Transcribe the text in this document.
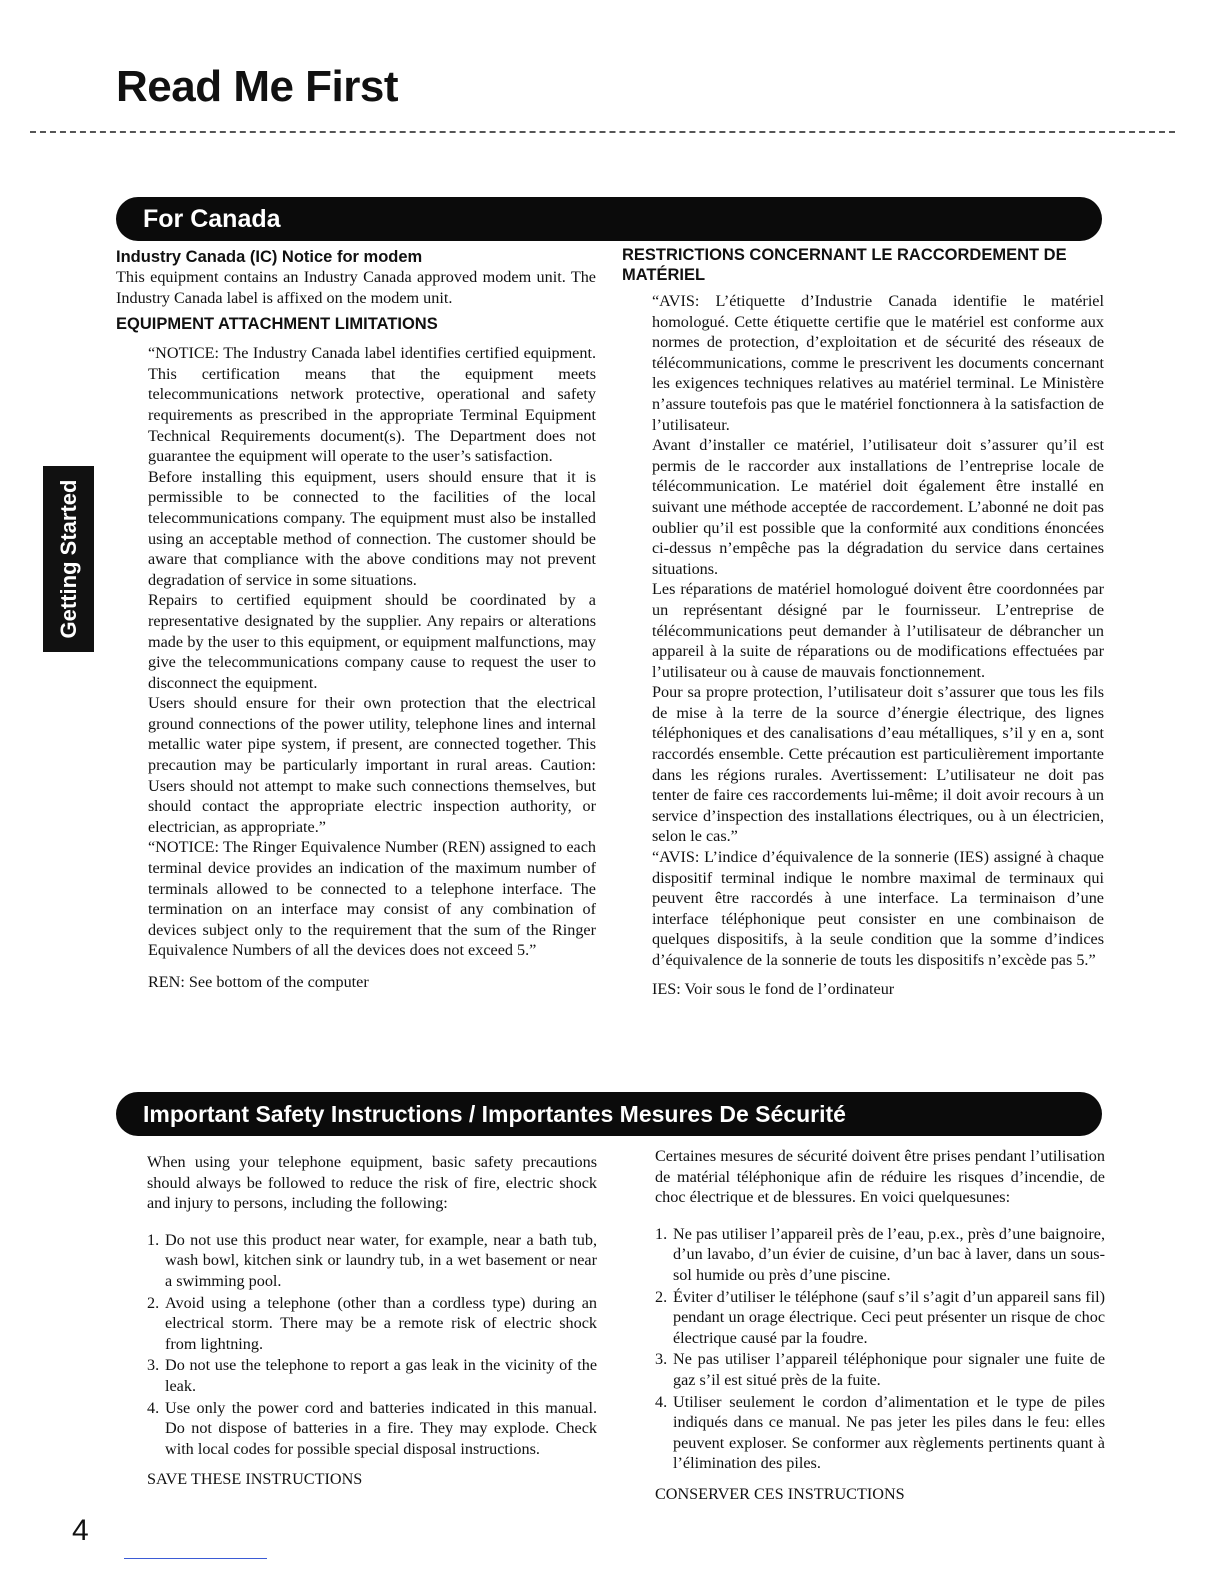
Read Me First
Getting Started
For Canada
Industry Canada (IC) Notice for modem

This equipment contains an Industry Canada approved modem unit. The Industry Canada label is affixed on the modem unit.

EQUIPMENT ATTACHMENT LIMITATIONS

“NOTICE: The Industry Canada label identifies certified equipment. This certification means that the equipment meets telecommunications network protective, operational and safety requirements as prescribed in the appropriate Terminal Equipment Technical Requirements document(s). The Department does not guarantee the equipment will operate to the user’s satisfaction.

Before installing this equipment, users should ensure that it is permissible to be connected to the facilities of the local telecommunications company. The equipment must also be installed using an acceptable method of connection. The customer should be aware that compliance with the above conditions may not prevent degradation of service in some situations.

Repairs to certified equipment should be coordinated by a representative designated by the supplier. Any repairs or alterations made by the user to this equipment, or equipment malfunctions, may give the telecommunications company cause to request the user to disconnect the equipment.

Users should ensure for their own protection that the electrical ground connections of the power utility, telephone lines and internal metallic water pipe system, if present, are connected together. This precaution may be particularly important in rural areas. Caution: Users should not attempt to make such connections themselves, but should contact the appropriate electric inspection authority, or electrician, as appropriate.”

“NOTICE: The Ringer Equivalence Number (REN) assigned to each terminal device provides an indication of the maximum number of terminals allowed to be connected to a telephone interface. The termination on an interface may consist of any combination of devices subject only to the requirement that the sum of the Ringer Equivalence Numbers of all the devices does not exceed 5.”

REN: See bottom of the computer

RESTRICTIONS CONCERNANT LE RACCORDEMENT DE MATÉRIEL

“AVIS: L’étiquette d’Industrie Canada identifie le matériel homologué. Cette étiquette certifie que le matériel est conforme aux normes de protection, d’exploitation et de sécurité des réseaux de télécommunications, comme le prescrivent les documents concernant les exigences techniques relatives au matériel terminal. Le Ministère n’assure toutefois pas que le matériel fonctionnera à la satisfaction de l’utilisateur.

Avant d’installer ce matériel, l’utilisateur doit s’assurer qu’il est permis de le raccorder aux installations de l’entreprise locale de télécommunication. Le matériel doit également être installé en suivant une méthode acceptée de raccordement. L’abonné ne doit pas oublier qu’il est possible que la conformité aux conditions énoncées ci-dessus n’empêche pas la dégradation du service dans certaines situations.

Les réparations de matériel homologué doivent être coordonnées par un représentant désigné par le fournisseur. L’entreprise de télécommunications peut demander à l’utilisateur de débrancher un appareil à la suite de réparations ou de modifications effectuées par l’utilisateur ou à cause de mauvais fonctionnement.

Pour sa propre protection, l’utilisateur doit s’assurer que tous les fils de mise à la terre de la source d’énergie électrique, des lignes téléphoniques et des canalisations d’eau métalliques, s’il y en a, sont raccordés ensemble. Cette précaution est particulièrement importante dans les régions rurales. Avertissement: L’utilisateur ne doit pas tenter de faire ces raccordements lui-même; il doit avoir recours à un service d’inspection des installations électriques, ou à un électricien, selon le cas.”

“AVIS: L’indice d’équivalence de la sonnerie (IES) assigné à chaque dispositif terminal indique le nombre maximal de terminaux qui peuvent être raccordés à une interface. La terminaison d’une interface téléphonique peut consister en une combinaison de quelques dispositifs, à la seule condition que la somme d’indices d’équivalence de la sonnerie de touts les dispositifs n’excède pas 5.”

IES: Voir sous le fond de l’ordinateur

Important Safety Instructions / Importantes Mesures De Sécurité

When using your telephone equipment, basic safety precautions should always be followed to reduce the risk of fire, electric shock and injury to persons, including the following:

1. Do not use this product near water, for example, near a bath tub, wash bowl, kitchen sink or laundry tub, in a wet basement or near a swimming pool.
2. Avoid using a telephone (other than a cordless type) during an electrical storm. There may be a remote risk of electric shock from lightning.
3. Do not use the telephone to report a gas leak in the vicinity of the leak.
4. Use only the power cord and batteries indicated in this manual. Do not dispose of batteries in a fire. They may explode. Check with local codes for possible special disposal instructions.

SAVE THESE INSTRUCTIONS

Certaines mesures de sécurité doivent être prises pendant l’utilisation de matérial téléphonique afin de réduire les risques d’incendie, de choc électrique et de blessures. En voici quelquesunes:

1. Ne pas utiliser l’appareil près de l’eau, p.ex., près d’une baignoire, d’un lavabo, d’un évier de cuisine, d’un bac à laver, dans un sous-sol humide ou près d’une piscine.
2. Éviter d’utiliser le téléphone (sauf s’il s’agit d’un appareil sans fil) pendant un orage électrique. Ceci peut présenter un risque de choc électrique causé par la foudre.
3. Ne pas utiliser l’appareil téléphonique pour signaler une fuite de gaz s’il est situé près de la fuite.
4. Utiliser seulement le cordon d’alimentation et le type de piles indiqués dans ce manual. Ne pas jeter les piles dans le feu: elles peuvent exploser. Se conformer aux règlements pertinents quant à l’élimination des piles.

CONSERVER CES INSTRUCTIONS

4
